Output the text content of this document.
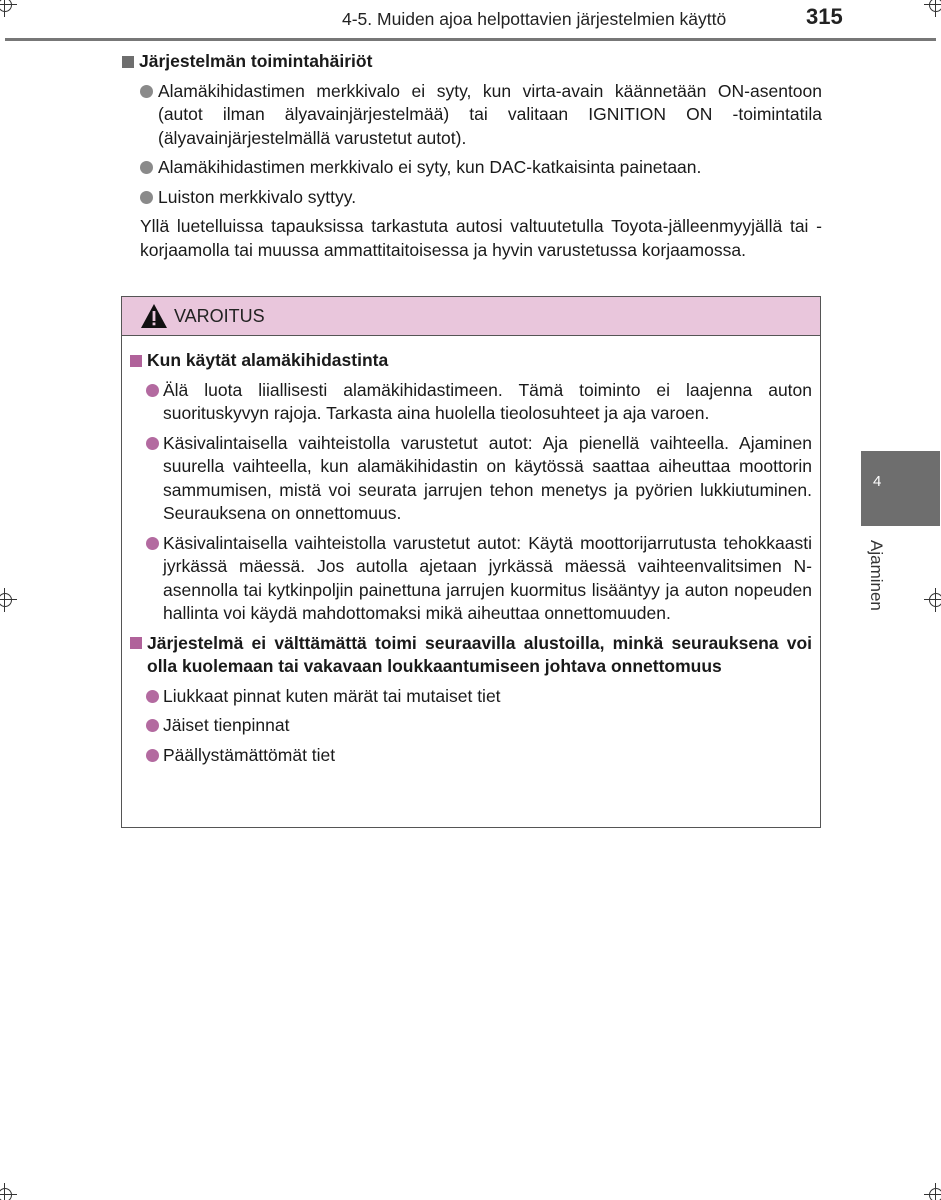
4-5. Muiden ajoa helpottavien järjestelmien käyttö	315
Järjestelmän toimintahäiriöt
Alamäkihidastimen merkkivalo ei syty, kun virta-avain käännetään ON-asentoon (autot ilman älyavainjärjestelmää) tai valitaan IGNITION ON -toimintatila (älyavainjärjestelmällä varustetut autot).
Alamäkihidastimen merkkivalo ei syty, kun DAC-katkaisinta painetaan.
Luiston merkkivalo syttyy.
Yllä luetelluissa tapauksissa tarkastuta autosi valtuutetulla Toyota-jälleenmyyjällä tai -korjaamolla tai muussa ammattitaitoisessa ja hyvin varustetussa korjaamossa.
VAROITUS
Kun käytät alamäkihidastinta
Älä luota liiallisesti alamäkihidastimeen. Tämä toiminto ei laajenna auton suorituskyvyn rajoja. Tarkasta aina huolella tieolosuhteet ja aja varoen.
Käsivalintaisella vaihteistolla varustetut autot: Aja pienellä vaihteella. Ajaminen suurella vaihteella, kun alamäkihidastin on käytössä saattaa aiheuttaa moottorin sammumisen, mistä voi seurata jarrujen tehon menetys ja pyörien lukkiutuminen. Seurauksena on onnettomuus.
Käsivalintaisella vaihteistolla varustetut autot: Käytä moottorijarrutusta tehokkaasti jyrkässä mäessä. Jos autolla ajetaan jyrkässä mäessä vaihteenvalitsimen N-asennolla tai kytkinpoljin painettuna jarrujen kuormitus lisääntyy ja auton nopeuden hallinta voi käydä mahdottomaksi mikä aiheuttaa onnettomuuden.
Järjestelmä ei välttämättä toimi seuraavilla alustoilla, minkä seurauksena voi olla kuolemaan tai vakavaan loukkaantumiseen johtava onnettomuus
Liukkaat pinnat kuten märät tai mutaiset tiet
Jäiset tienpinnat
Päällystämättömät tiet
4
Ajaminen
